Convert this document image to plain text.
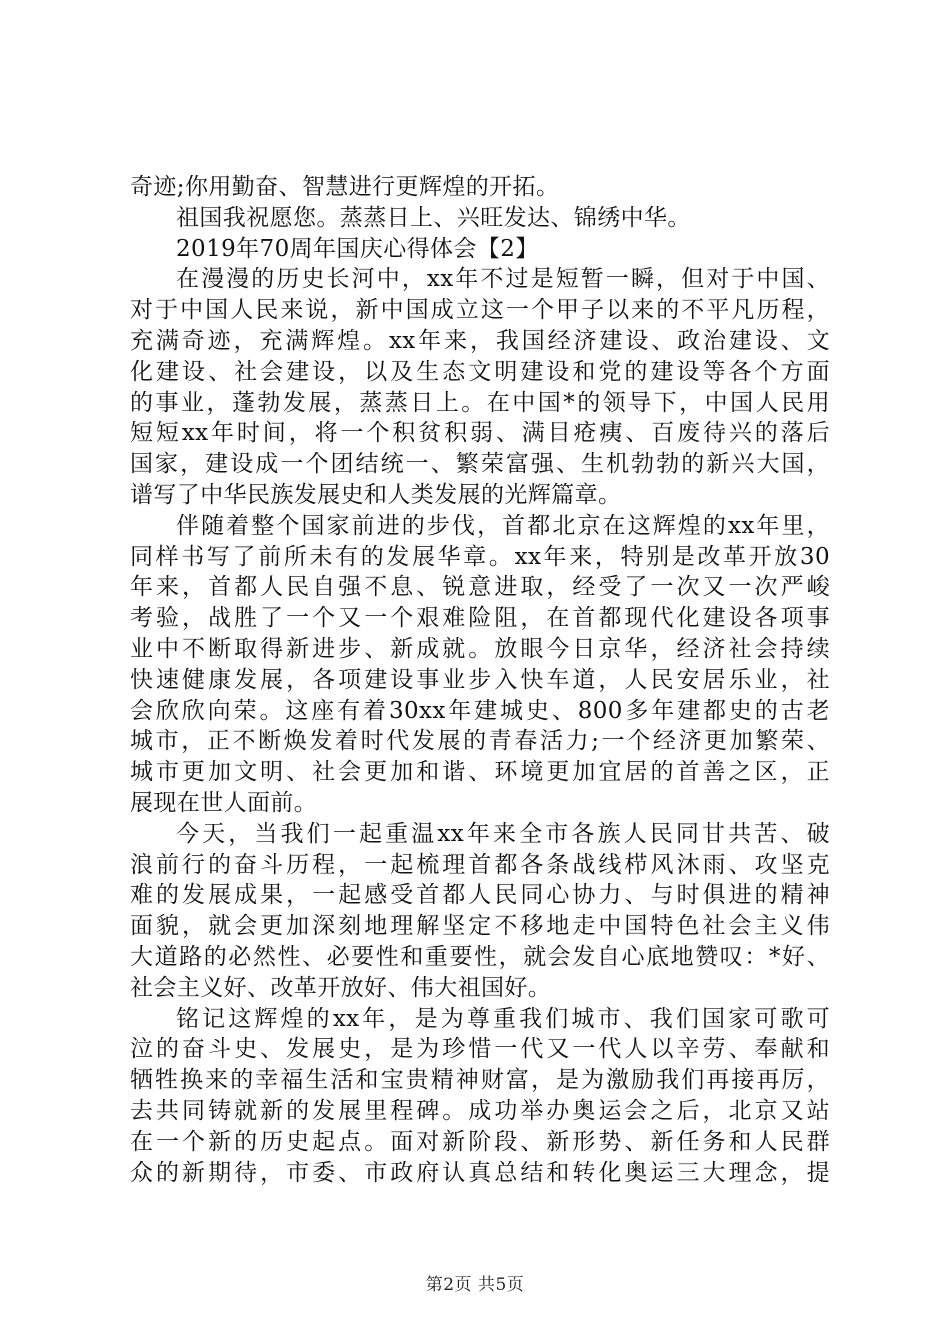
奇迹;你用勤奋、智慧进行更辉煌的开拓。
祖国我祝愿您。蒸蒸日上、兴旺发达、锦绣中华。
2019年70周年国庆心得体会【2】
在漫漫的历史长河中，xx年不过是短暂一瞬，但对于中国、
对于中国人民来说，新中国成立这一个甲子以来的不平凡历程，
充满奇迹，充满辉煌。xx年来，我国经济建设、政治建设、文
化建设、社会建设，以及生态文明建设和党的建设等各个方面
的事业，蓬勃发展，蒸蒸日上。在中国*的领导下，中国人民用
短短xx年时间，将一个积贫积弱、满目疮痍、百废待兴的落后
国家，建设成一个团结统一、繁荣富强、生机勃勃的新兴大国，
谱写了中华民族发展史和人类发展的光辉篇章。
伴随着整个国家前进的步伐，首都北京在这辉煌的xx年里，
同样书写了前所未有的发展华章。xx年来，特别是改革开放30
年来，首都人民自强不息、锐意进取，经受了一次又一次严峻
考验，战胜了一个又一个艰难险阻，在首都现代化建设各项事
业中不断取得新进步、新成就。放眼今日京华，经济社会持续
快速健康发展，各项建设事业步入快车道，人民安居乐业，社
会欣欣向荣。这座有着30xx年建城史、800多年建都史的古老
城市，正不断焕发着时代发展的青春活力;一个经济更加繁荣、
城市更加文明、社会更加和谐、环境更加宜居的首善之区，正
展现在世人面前。
今天，当我们一起重温xx年来全市各族人民同甘共苦、破
浪前行的奋斗历程，一起梳理首都各条战线栉风沐雨、攻坚克
难的发展成果，一起感受首都人民同心协力、与时俱进的精神
面貌，就会更加深刻地理解坚定不移地走中国特色社会主义伟
大道路的必然性、必要性和重要性，就会发自心底地赞叹：*好、
社会主义好、改革开放好、伟大祖国好。
铭记这辉煌的xx年，是为尊重我们城市、我们国家可歌可
泣的奋斗史、发展史，是为珍惜一代又一代人以辛劳、奉献和
牺牲换来的幸福生活和宝贵精神财富，是为激励我们再接再厉，
去共同铸就新的发展里程碑。成功举办奥运会之后，北京又站
在一个新的历史起点。面对新阶段、新形势、新任务和人民群
众的新期待，市委、市政府认真总结和转化奥运三大理念，提
第2页 共5页
